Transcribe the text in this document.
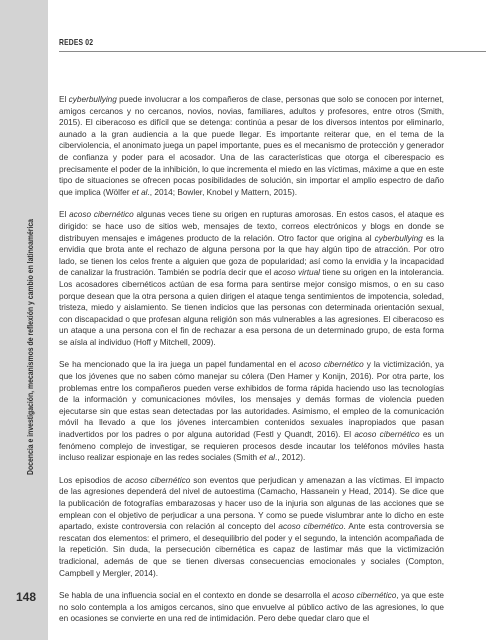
Docencia e investigación, mecanismos de reflexión y cambio en latinoamérica
148
REDES 02

El cyberbullying puede involucrar a los compañeros de clase, personas que solo se conocen por internet, amigos cercanos y no cercanos, novios, novias, familiares, adultos y profesores, entre otros (Smith, 2015). El ciberacoso es difícil que se detenga: continúa a pesar de los diversos intentos por eliminarlo, aunado a la gran audiencia a la que puede llegar. Es importante reiterar que, en el tema de la ciberviolencia, el anonimato juega un papel importante, pues es el mecanismo de protección y generador de confianza y poder para el acosador. Una de las características que otorga el ciberespacio es precisamente el poder de la inhibición, lo que incrementa el miedo en las víctimas, máxime a que en este tipo de situaciones se ofrecen pocas posibilidades de solución, sin importar el amplio espectro de daño que implica (Wölfer et al., 2014; Bowler, Knobel y Mattern, 2015).

El acoso cibernético algunas veces tiene su origen en rupturas amorosas. En estos casos, el ataque es dirigido: se hace uso de sitios web, mensajes de texto, correos electrónicos y blogs en donde se distribuyen mensajes e imágenes producto de la relación. Otro factor que origina al cyberbullying es la envidia que brota ante el rechazo de alguna persona por la que hay algún tipo de atracción. Por otro lado, se tienen los celos frente a alguien que goza de popularidad; así como la envidia y la incapacidad de canalizar la frustración. También se podría decir que el acoso virtual tiene su origen en la intolerancia. Los acosadores cibernéticos actúan de esa forma para sentirse mejor consigo mismos, o en su caso porque desean que la otra persona a quien dirigen el ataque tenga sentimientos de impotencia, soledad, tristeza, miedo y aislamiento. Se tienen indicios que las personas con determinada orientación sexual, con discapacidad o que profesan alguna religión son más vulnerables a las agresiones. El ciberacoso es un ataque a una persona con el fin de rechazar a esa persona de un determinado grupo, de esta forma se aísla al individuo (Hoff y Mitchell, 2009).

Se ha mencionado que la ira juega un papel fundamental en el acoso cibernético y la victimización, ya que los jóvenes que no saben cómo manejar su cólera (Den Hamer y Konijn, 2016). Por otra parte, los problemas entre los compañeros pueden verse exhibidos de forma rápida haciendo uso las tecnologías de la información y comunicaciones móviles, los mensajes y demás formas de violencia pueden ejecutarse sin que estas sean detectadas por las autoridades. Asimismo, el empleo de la comunicación móvil ha llevado a que los jóvenes intercambien contenidos sexuales inapropiados que pasan inadvertidos por los padres o por alguna autoridad (Festl y Quandt, 2016). El acoso cibernético es un fenómeno complejo de investigar, se requieren procesos desde incautar los teléfonos móviles hasta incluso realizar espionaje en las redes sociales (Smith et al., 2012).

Los episodios de acoso cibernético son eventos que perjudican y amenazan a las víctimas. El impacto de las agresiones dependerá del nivel de autoestima (Camacho, Hassanein y Head, 2014). Se dice que la publicación de fotografías embarazosas y hacer uso de la injuria son algunas de las acciones que se emplean con el objetivo de perjudicar a una persona. Y como se puede vislumbrar ante lo dicho en este apartado, existe controversia con relación al concepto del acoso cibernético. Ante esta controversia se rescatan dos elementos: el primero, el desequilibrio del poder y el segundo, la intención acompañada de la repetición. Sin duda, la persecución cibernética es capaz de lastimar más que la victimización tradicional, además de que se tienen diversas consecuencias emocionales y sociales (Compton, Campbell y Mergler, 2014).

Se habla de una influencia social en el contexto en donde se desarrolla el acoso cibernético, ya que este no solo contempla a los amigos cercanos, sino que envuelve al público activo de las agresiones, lo que en ocasiones se convierte en una red de intimidación. Pero debe quedar claro que el
